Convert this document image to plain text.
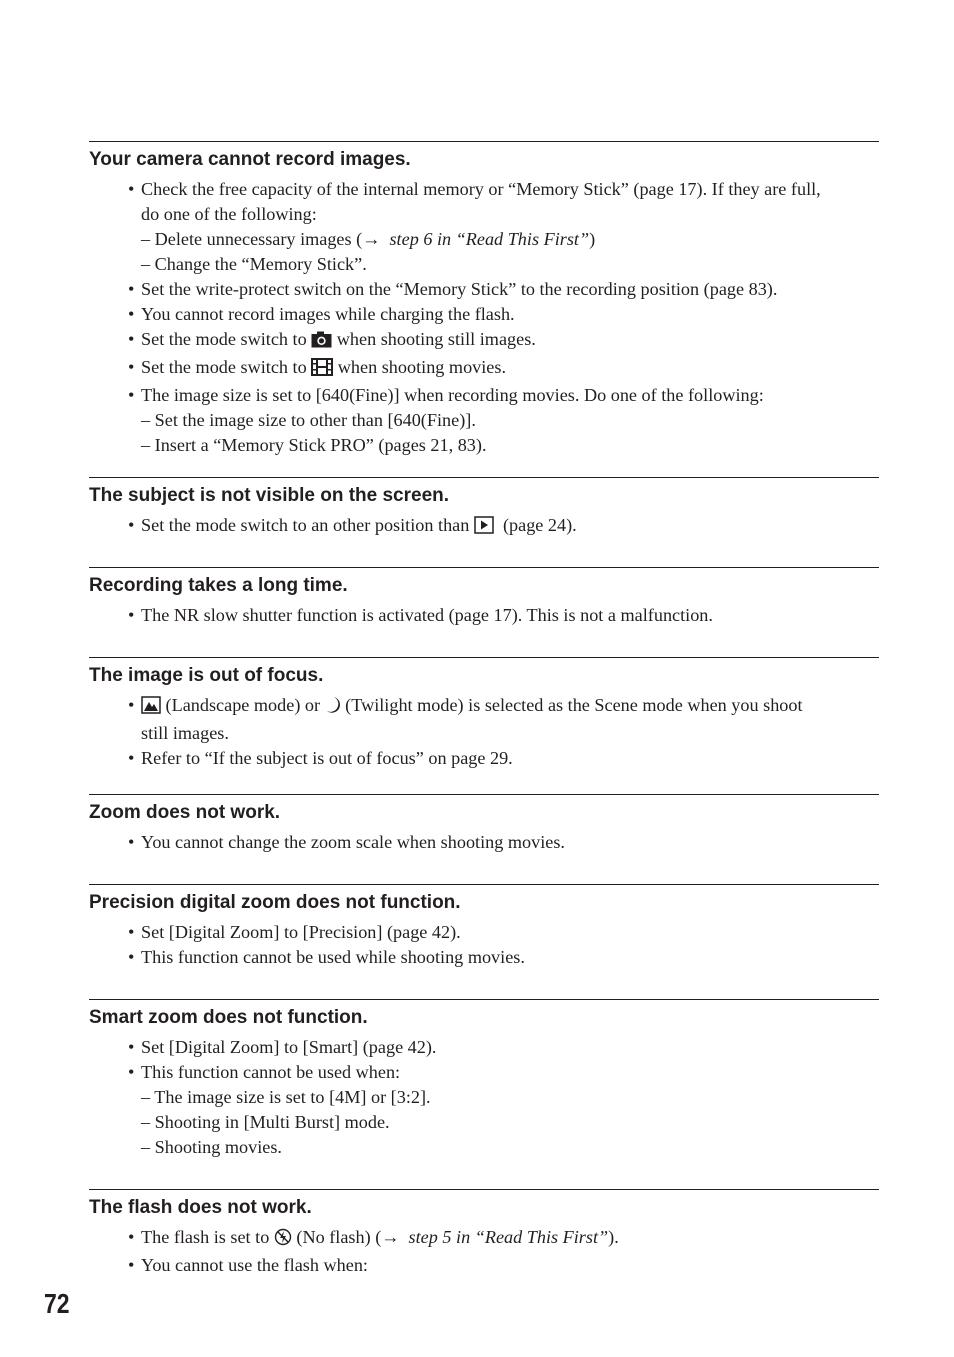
Your camera cannot record images.
• Check the free capacity of the internal memory or “Memory Stick” (page 17). If they are full,
do one of the following:
– Delete unnecessary images (→ step 6 in “Read This First”)
– Change the “Memory Stick”.
• Set the write-protect switch on the “Memory Stick” to the recording position (page 83).
• You cannot record images while charging the flash.
• Set the mode switch to when shooting still images.
• Set the mode switch to when shooting movies.
• The image size is set to [640(Fine)] when recording movies. Do one of the following:
– Set the image size to other than [640(Fine)].
– Insert a “Memory Stick PRO” (pages 21, 83).
The subject is not visible on the screen.
• Set the mode switch to an other position than (page 24).
Recording takes a long time.
• The NR slow shutter function is activated (page 17). This is not a malfunction.
The image is out of focus.
• (Landscape mode) or (Twilight mode) is selected as the Scene mode when you shoot
still images.
• Refer to “If the subject is out of focus” on page 29.
Zoom does not work.
• You cannot change the zoom scale when shooting movies.
Precision digital zoom does not function.
• Set [Digital Zoom] to [Precision] (page 42).
• This function cannot be used while shooting movies.
Smart zoom does not function.
• Set [Digital Zoom] to [Smart] (page 42).
• This function cannot be used when:
– The image size is set to [4M] or [3:2].
– Shooting in [Multi Burst] mode.
– Shooting movies.
The flash does not work.
• The flash is set to (No flash) (→ step 5 in “Read This First”).
• You cannot use the flash when:
72
